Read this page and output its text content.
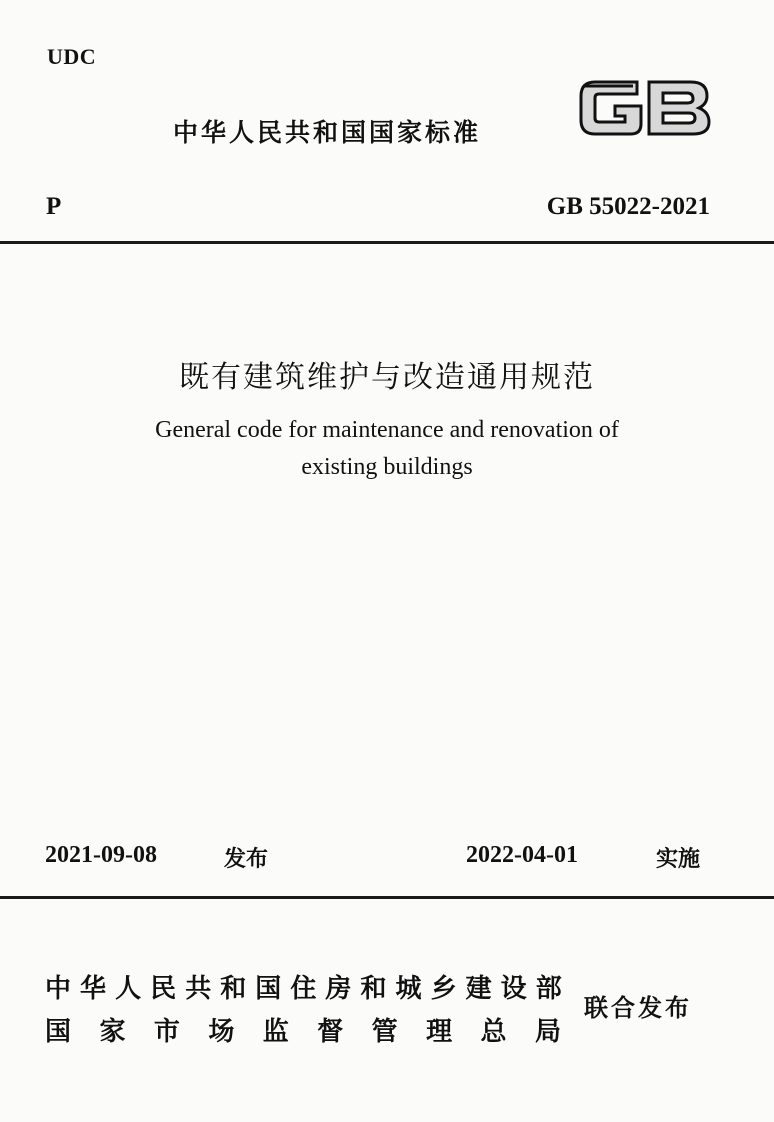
UDC
中华人民共和国国家标准
P	GB 55022-2021
既有建筑维护与改造通用规范
General code for maintenance and renovation of
existing buildings
2021-09-08	发布	2022-04-01	实施
中 华 人 民 共 和 国 住 房 和 城 乡 建 设 部
国 家 市 场 监 督 管 理 总 局
联合发布
